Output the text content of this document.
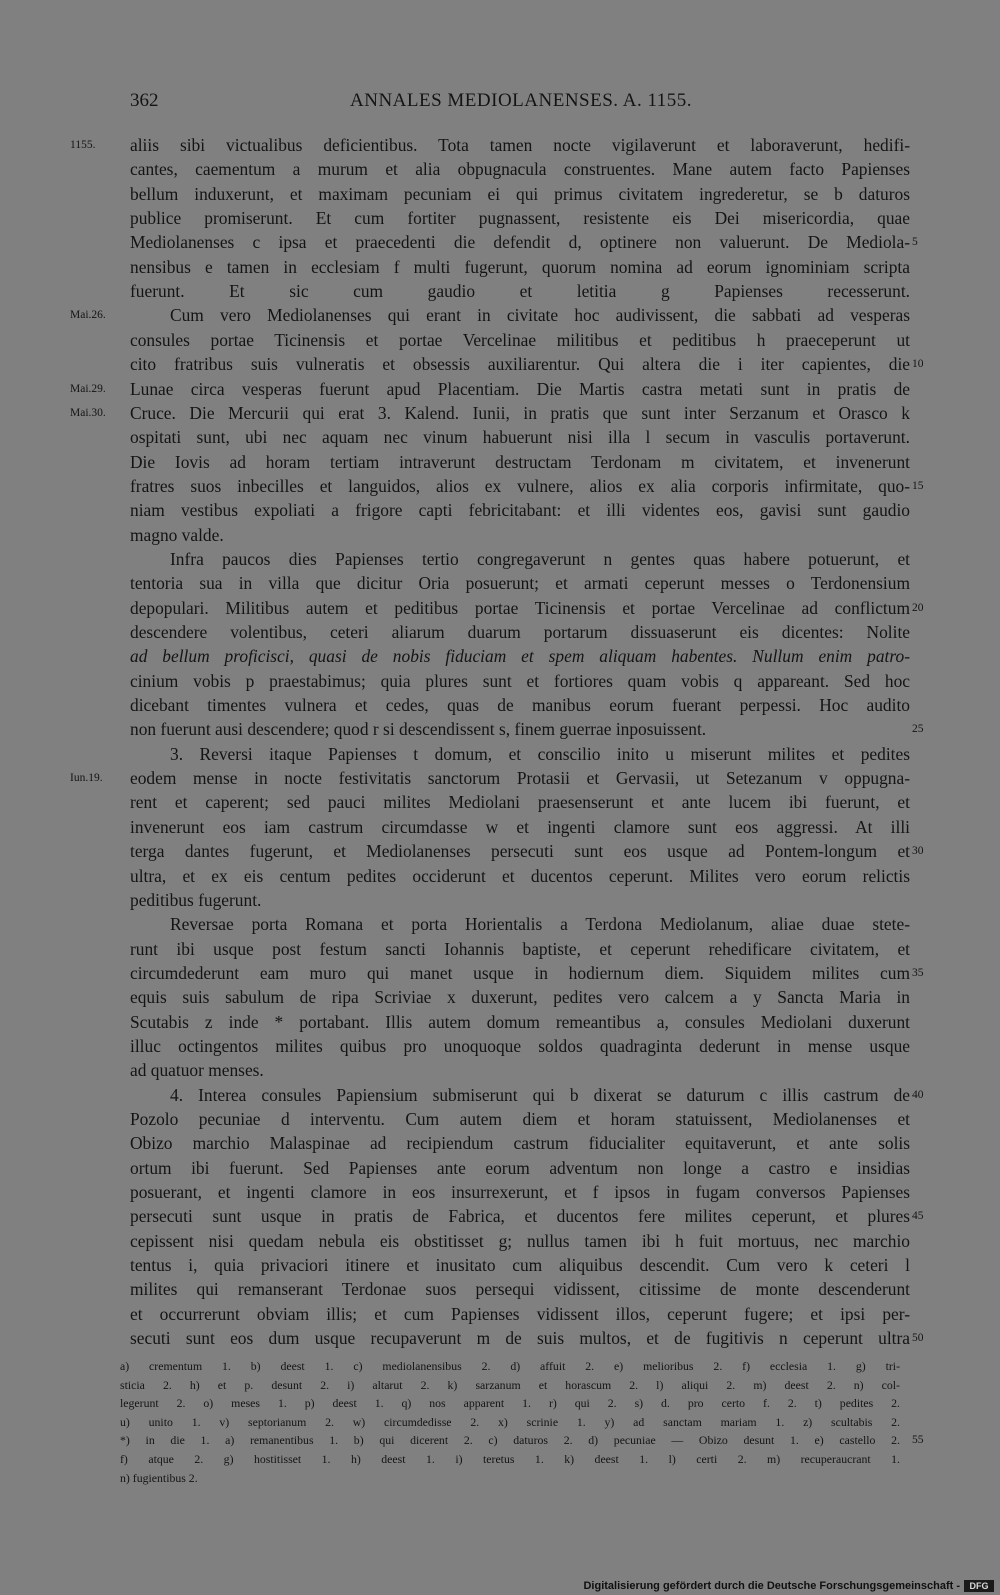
362	ANNALES MEDIOLANENSES. A. 1155.
aliis sibi victualibus deficientibus. Tota tamen nocte vigilaverunt et laboraverunt, hedifi-
1155.
cantes, caementum a murum et alia obpugnacula construentes. Mane autem facto Papienses
bellum induxerunt, et maximam pecuniam ei qui primus civitatem ingrederetur, se b daturos
publice promiserunt. Et cum fortiter pugnassent, resistente eis Dei misericordia, quae
Mediolanenses c ipsa et praecedenti die defendit d, optinere non valuerunt. De Mediola- 5
nensibus e tamen in ecclesiam f multi fugerunt, quorum nomina ad eorum ignominiam scripta
fuerunt. Et sic cum gaudio et letitia g Papienses recesserunt.
Cum vero Mediolanenses qui erant in civitate hoc audivissent, die sabbati ad vesperas
Mai.26.
consules portae Ticinensis et portae Vercelinae militibus et peditibus h praeceperunt ut
cito fratribus suis vulneratis et obsessis auxiliarentur. Qui altera die i iter capientes, die 10
Lunae circa vesperas fuerunt apud Placentiam. Die Martis castra metati sunt in pratis de
Mai.29.
Cruce. Die Mercurii qui erat 3. Kalend. Iunii, in pratis que sunt inter Serzanum et Orasco k
Mai.30.
ospitati sunt, ubi nec aquam nec vinum habuerunt nisi illa l secum in vasculis portaverunt.
Die Iovis ad horam tertiam intraverunt destructam Terdonam m civitatem, et invenerunt
fratres suos inbecilles et languidos, alios ex vulnere, alios ex alia corporis infirmitate, quo- 15
niam vestibus expoliati a frigore capti febricitabant: et illi videntes eos, gavisi sunt gaudio
magno valde.
Infra paucos dies Papienses tertio congregaverunt n gentes quas habere potuerunt, et
tentoria sua in villa que dicitur Oria posuerunt; et armati ceperunt messes o Terdonensium
depopulari. Militibus autem et peditibus portae Ticinensis et portae Vercelinae ad conflictum 20
descendere volentibus, ceteri aliarum duarum portarum dissuaserunt eis dicentes: Nolite
ad bellum proficisci, quasi de nobis fiduciam et spem aliquam habentes. Nullum enim patro-
cinium vobis p praestabimus; quia plures sunt et fortiores quam vobis q appareant. Sed hoc
dicebant timentes vulnera et cedes, quas de manibus eorum fuerant perpessi. Hoc audito
non fuerunt ausi descendere; quod r si descendissent s, finem guerrae inposuissent.	25
3. Reversi itaque Papienses t domum, et conscilio inito u miserunt milites et pedites
eodem mense in nocte festivitatis sanctorum Protasii et Gervasii, ut Setezanum v oppugna-
Iun.19.
rent et caperent; sed pauci milites Mediolani praesenserunt et ante lucem ibi fuerunt, et
invenerunt eos iam castrum circumdasse w et ingenti clamore sunt eos aggressi. At illi
terga dantes fugerunt, et Mediolanenses persecuti sunt eos usque ad Pontem-longum et 30
ultra, et ex eis centum pedites occiderunt et ducentos ceperunt. Milites vero eorum relictis
peditibus fugerunt.
Reversae porta Romana et porta Horientalis a Terdona Mediolanum, aliae duae stete-
runt ibi usque post festum sancti Iohannis baptiste, et ceperunt rehedificare civitatem, et
circumdederunt eam muro qui manet usque in hodiernum diem. Siquidem milites cum 35
equis suis sabulum de ripa Scriviae x duxerunt, pedites vero calcem a y Sancta Maria in
Scutabis z inde * portabant. Illis autem domum remeantibus a, consules Mediolani duxerunt
illuc octingentos milites quibus pro unoquoque soldos quadraginta dederunt in mense usque
ad quatuor menses.
4. Interea consules Papiensium submiserunt qui b dixerat se daturum c illis castrum de 40
Pozolo pecuniae d interventu. Cum autem diem et horam statuissent, Mediolanenses et
Obizo marchio Malaspinae ad recipiendum castrum fiducialiter equitaverunt, et ante solis
ortum ibi fuerunt. Sed Papienses ante eorum adventum non longe a castro e insidias
posuerant, et ingenti clamore in eos insurrexerunt, et f ipsos in fugam conversos Papienses
persecuti sunt usque in pratis de Fabrica, et ducentos fere milites ceperunt, et plures 45
cepissent nisi quedam nebula eis obstitisset g; nullus tamen ibi h fuit mortuus, nec marchio
tentus i, quia privaciori itinere et inusitato cum aliquibus descendit. Cum vero k ceteri l
milites qui remanserant Terdonae suos persequi vidissent, citissime de monte descenderunt
et occurrerunt obviam illis; et cum Papienses vidissent illos, ceperunt fugere; et ipsi per-
secuti sunt eos dum usque recupaverunt m de suis multos, et de fugitivis n ceperunt ultra 50
a) crementum 1. b) deest 1. c) mediolanensibus 2. d) affuit 2. e) melioribus 2. f) ecclesia 1. g) tri-
sticia 2. h) et p. desunt 2. i) altarut 2. k) sarzanum et horascum 2. l) aliqui 2. m) deest 2. n) col-
legerunt 2. o) meses 1. p) deest 1. q) nos apparent 1. r) qui 2. s) d. pro certo f. 2. t) pedites 2.
u) unito 1. v) septorianum 2. w) circumdedisse 2. x) scrinie 1. y) ad sanctam mariam 1. z) scultabis 2.
*) in die 1. a) remanentibus 1. b) qui dicerent 2. c) daturos 2. d) pecuniae — Obizo desunt 1. e) castello 2. 55
f) atque 2. g) hostitisset 1. h) deest 1. i) teretus 1. k) deest 1. l) certi 2. m) recuperaucrant 1.
n) fugientibus 2.
Digitalisierung gefördert durch die Deutsche Forschungsgemeinschaft -	DFG
